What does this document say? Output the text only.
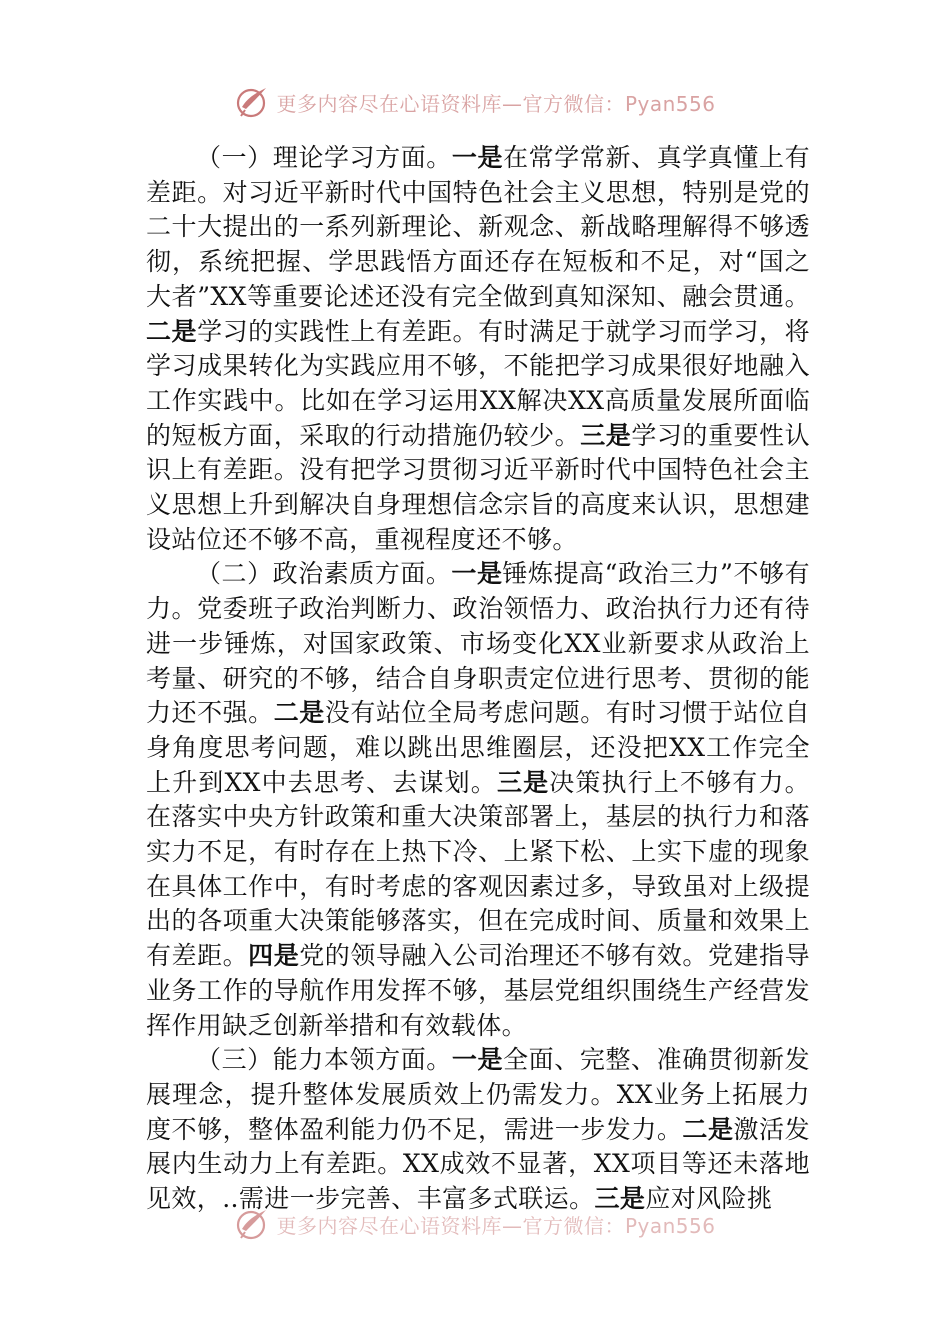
更多内容尽在心语资料库—官方微信：Pyan556

（一）理论学习方面。一是在常学常新、真学真懂上有差距。对习近平新时代中国特色社会主义思想，特别是党的二十大提出的一系列新理论、新观念、新战略理解得不够透彻，系统把握、学思践悟方面还存在短板和不足，对“国之大者”XX等重要论述还没有完全做到真知深知、融会贯通。二是学习的实践性上有差距。有时满足于就学习而学习，将学习成果转化为实践应用不够，不能把学习成果很好地融入工作实践中。比如在学习运用XX解决XX高质量发展所面临的短板方面，采取的行动措施仍较少。三是学习的重要性认识上有差距。没有把学习贯彻习近平新时代中国特色社会主义思想上升到解决自身理想信念宗旨的高度来认识，思想建设站位还不够不高，重视程度还不够。

（二）政治素质方面。一是锤炼提高“政治三力”不够有力。党委班子政治判断力、政治领悟力、政治执行力还有待进一步锤炼，对国家政策、市场变化XX业新要求从政治上考量、研究的不够，结合自身职责定位进行思考、贯彻的能力还不强。二是没有站位全局考虑问题。有时习惯于站位自身角度思考问题，难以跳出思维圈层，还没把XX工作完全上升到XX中去思考、去谋划。三是决策执行上不够有力。在落实中央方针政策和重大决策部署上，基层的执行力和落实力不足，有时存在上热下冷、上紧下松、上实下虚的现象在具体工作中，有时考虑的客观因素过多，导致虽对上级提出的各项重大决策能够落实，但在完成时间、质量和效果上有差距。四是党的领导融入公司治理还不够有效。党建指导业务工作的导航作用发挥不够，基层党组织围绕生产经营发挥作用缺乏创新举措和有效载体。

（三）能力本领方面。一是全面、完整、准确贯彻新发展理念，提升整体发展质效上仍需发力。XX业务上拓展力度不够，整体盈利能力仍不足，需进一步发力。二是激活发展内生动力上有差距。XX成效不显著，XX项目等还未落地见效，..需进一步完善、丰富多式联运。三是应对风险挑

更多内容尽在心语资料库—官方微信：Pyan556
